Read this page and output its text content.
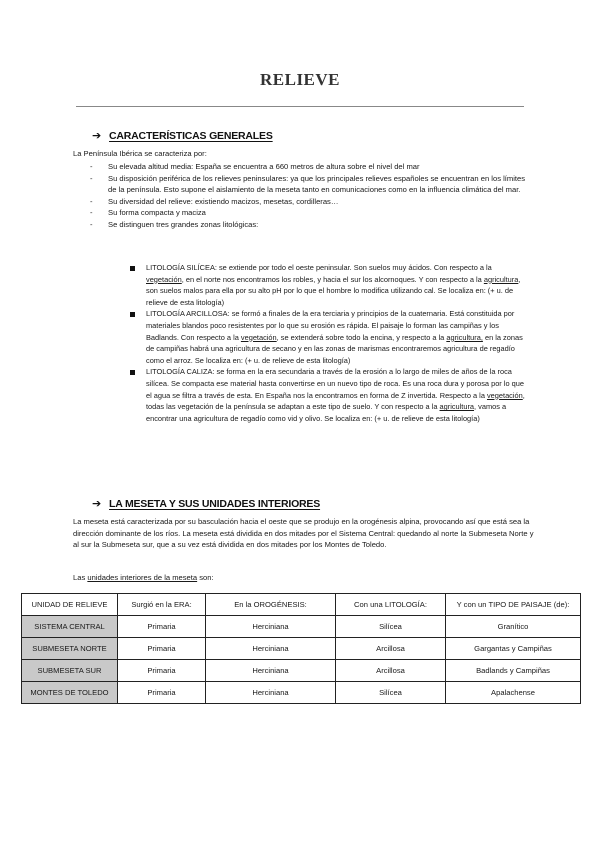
RELIEVE
➔ CARACTERÍSTICAS GENERALES
La Península Ibérica se caracteriza por:
- Su elevada altitud media: España se encuentra a 660 metros de altura sobre el nivel del mar
- Su disposición periférica de los relieves peninsulares: ya que los principales relieves españoles se encuentran en los límites de la península. Esto supone el aislamiento de la meseta tanto en comunicaciones como en la influencia climática del mar.
- Su diversidad del relieve: existiendo macizos, mesetas, cordilleras…
- Su forma compacta y maciza
- Se distinguen tres grandes zonas litológicas:
LITOLOGÍA SILÍCEA: se extiende por todo el oeste peninsular. Son suelos muy ácidos. Con respecto a la vegetación, en el norte nos encontramos los robles, y hacia el sur los alcornoques. Y con respecto a la agricultura, son suelos malos para ella por su alto pH por lo que el hombre lo modifica utilizando cal. Se localiza en: (+ u. de relieve de esta litología)
LITOLOGÍA ARCILLOSA: se formó a finales de la era terciaria y principios de la cuaternaria. Está constituida por materiales blandos poco resistentes por lo que su erosión es rápida. El paisaje lo forman las campiñas y los Badlands. Con respecto a la vegetación, se extenderá sobre todo la encina, y respecto a la agricultura, en la zonas de campiñas habrá una agricultura de secano y en las zonas de marismas encontraremos agricultura de regadío como el arroz. Se localiza en: (+ u. de relieve de esta litología)
LITOLOGÍA CALIZA: se forma en la era secundaria a través de la erosión a lo largo de miles de años de la roca silícea. Se compacta ese material hasta convertirse en un nuevo tipo de roca. Es una roca dura y porosa por lo que el agua se filtra a través de esta. En España nos la encontramos en forma de Z invertida. Respecto a la vegetación, todas las vegetación de la península se adaptan a este tipo de suelo. Y con respecto a la agricultura, vamos a encontrar una agricultura de regadío como vid y olivo. Se localiza en: (+ u. de relieve de esta litología)
➔ LA MESETA Y SUS UNIDADES INTERIORES
La meseta está caracterizada por su basculación hacia el oeste que se produjo en la orogénesis alpina, provocando así que está sea la dirección dominante de los ríos. La meseta está dividida en dos mitades por el Sistema Central: quedando al norte la Submeseta Norte y al sur la Submeseta sur, que a su vez está dividida en dos mitades por los Montes de Toledo.
Las unidades interiores de la meseta son:
UNIDAD DE RELIEVE	Surgió en la ERA:	En la OROGÉNESIS:	Con una LITOLOGÍA:	Y con un TIPO DE PAISAJE (de):
SISTEMA CENTRAL	Primaria	Herciniana	Silícea	Granítico
SUBMESETA NORTE	Primaria	Herciniana	Arcillosa	Gargantas y Campiñas
SUBMESETA SUR	Primaria	Herciniana	Arcillosa	Badlands y Campiñas
MONTES DE TOLEDO	Primaria	Herciniana	Silícea	Apalachense
